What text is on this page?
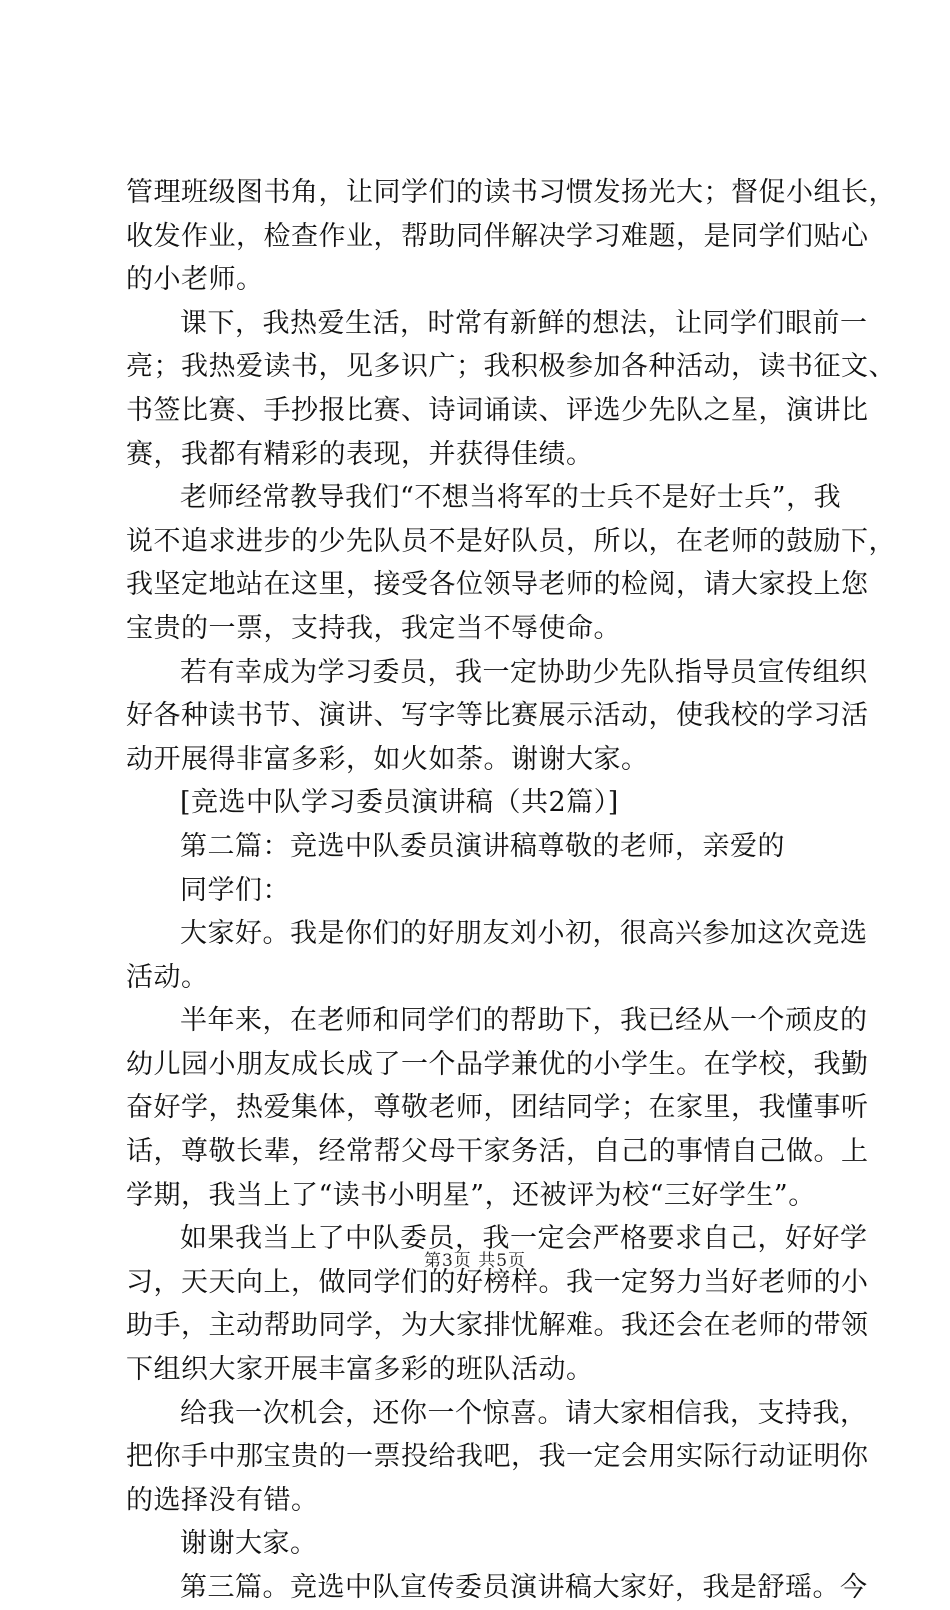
管理班级图书角，让同学们的读书习惯发扬光大；督促小组长，
收发作业，检查作业，帮助同伴解决学习难题，是同学们贴心
的小老师。
课下，我热爱生活，时常有新鲜的想法，让同学们眼前一
亮；我热爱读书，见多识广；我积极参加各种活动，读书征文、
书签比赛、手抄报比赛、诗词诵读、评选少先队之星，演讲比
赛，我都有精彩的表现，并获得佳绩。
老师经常教导我们“不想当将军的士兵不是好士兵”，我
说不追求进步的少先队员不是好队员，所以，在老师的鼓励下，
我坚定地站在这里，接受各位领导老师的检阅，请大家投上您
宝贵的一票，支持我，我定当不辱使命。
若有幸成为学习委员，我一定协助少先队指导员宣传组织
好各种读书节、演讲、写字等比赛展示活动，使我校的学习活
动开展得非富多彩，如火如荼。谢谢大家。
[竞选中队学习委员演讲稿（共2篇）]
第二篇：竞选中队委员演讲稿尊敬的老师，亲爱的
同学们：
大家好。我是你们的好朋友刘小初，很高兴参加这次竞选
活动。
半年来，在老师和同学们的帮助下，我已经从一个顽皮的
幼儿园小朋友成长成了一个品学兼优的小学生。在学校，我勤
奋好学，热爱集体，尊敬老师，团结同学；在家里，我懂事听
话，尊敬长辈，经常帮父母干家务活，自己的事情自己做。上
学期，我当上了“读书小明星”，还被评为校“三好学生”。
如果我当上了中队委员，我一定会严格要求自己，好好学
习，天天向上，做同学们的好榜样。我一定努力当好老师的小
助手，主动帮助同学，为大家排忧解难。我还会在老师的带领
下组织大家开展丰富多彩的班队活动。
给我一次机会，还你一个惊喜。请大家相信我，支持我，
把你手中那宝贵的一票投给我吧，我一定会用实际行动证明你
的选择没有错。
谢谢大家。
第三篇。竞选中队宣传委员演讲稿大家好，我是舒瑶。今
第3页 共5页
